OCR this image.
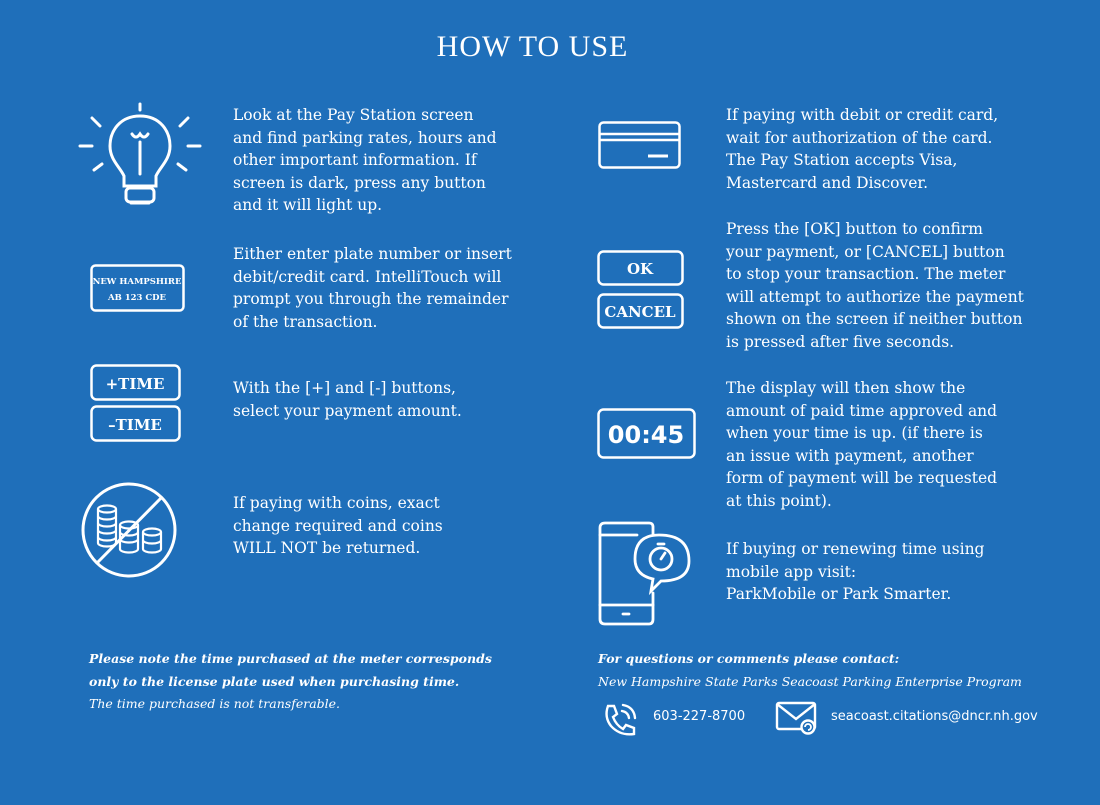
HOW TO USE
NEW HAMPSHIRE
AB 123 CDE
+TIME
–TIME
OK
CANCEL
00:45
Look at the Pay Station screen
and find parking rates, hours and
other important information. If
screen is dark, press any button
and it will light up.
Either enter plate number or insert
debit/credit card. IntelliTouch will
prompt you through the remainder
of the transaction.
With the [+] and [-] buttons,
select your payment amount.
If paying with coins, exact
change required and coins
WILL NOT be returned.
If paying with debit or credit card,
wait for authorization of the card.
The Pay Station accepts Visa,
Mastercard and Discover.
Press the [OK] button to confirm
your payment, or [CANCEL] button
to stop your transaction. The meter
will attempt to authorize the payment
shown on the screen if neither button
is pressed after five seconds.
The display will then show the
amount of paid time approved and
when your time is up. (if there is
an issue with payment, another
form of payment will be requested
at this point).
If buying or renewing time using
mobile app visit:
ParkMobile or Park Smarter.
Please note the time purchased at the meter corresponds
only to the license plate used when purchasing time.
The time purchased is not transferable.
For questions or comments please contact:
New Hampshire State Parks Seacoast Parking Enterprise Program
603-227-8700	seacoast.citations@dncr.nh.gov
